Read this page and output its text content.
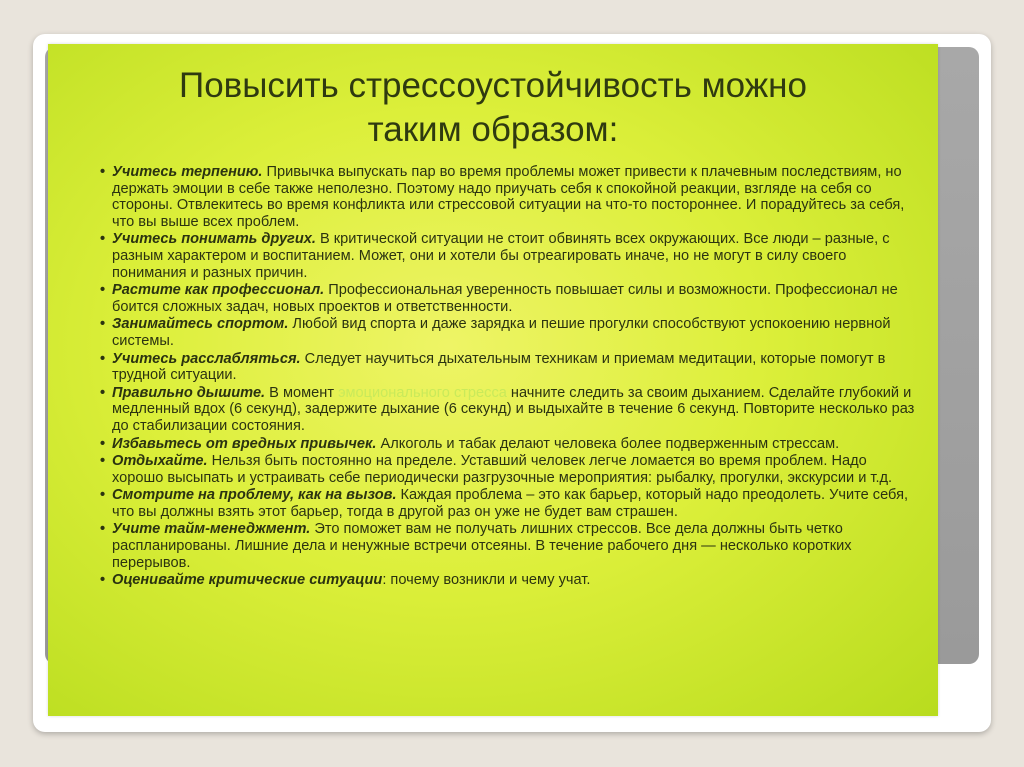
Повысить стрессоустойчивость можно
таким образом:
• Учитесь терпению. Привычка выпускать пар во время проблемы может привести к плачевным последствиям, но держать эмоции в себе также неполезно. Поэтому надо приучать себя к спокойной реакции, взгляде на себя со стороны. Отвлекитесь во время конфликта или стрессовой ситуации на что-то постороннее. И порадуйтесь за себя, что вы выше всех проблем.
• Учитесь понимать других. В критической ситуации не стоит обвинять всех окружающих. Все люди – разные, с разным характером и воспитанием. Может, они и хотели бы отреагировать иначе, но не могут в силу своего понимания и разных причин.
• Растите как профессионал. Профессиональная уверенность повышает силы и возможности. Профессионал не боится сложных задач, новых проектов и ответственности.
• Занимайтесь спортом. Любой вид спорта и даже зарядка и пешие прогулки способствуют успокоению нервной системы.
• Учитесь расслабляться. Следует научиться дыхательным техникам и приемам медитации, которые помогут в трудной ситуации.
• Правильно дышите. В момент эмоционального стресса начните следить за своим дыханием. Сделайте глубокий и медленный вдох (6 секунд), задержите дыхание (6 секунд) и выдыхайте в течение 6 секунд. Повторите несколько раз до стабилизации состояния.
• Избавьтесь от вредных привычек. Алкоголь и табак делают человека более подверженным стрессам.
• Отдыхайте. Нельзя быть постоянно на пределе. Уставший человек легче ломается во время проблем. Надо хорошо высыпать и устраивать себе периодически разгрузочные мероприятия: рыбалку, прогулки, экскурсии и т.д.
• Смотрите на проблему, как на вызов. Каждая проблема – это как барьер, который надо преодолеть. Учите себя, что вы должны взять этот барьер, тогда в другой раз он уже не будет вам страшен.
• Учите тайм-менеджмент. Это поможет вам не получать лишних стрессов. Все дела должны быть четко распланированы. Лишние дела и ненужные встречи отсеяны. В течение рабочего дня — несколько коротких перерывов.
• Оценивайте критические ситуации: почему возникли и чему учат.
